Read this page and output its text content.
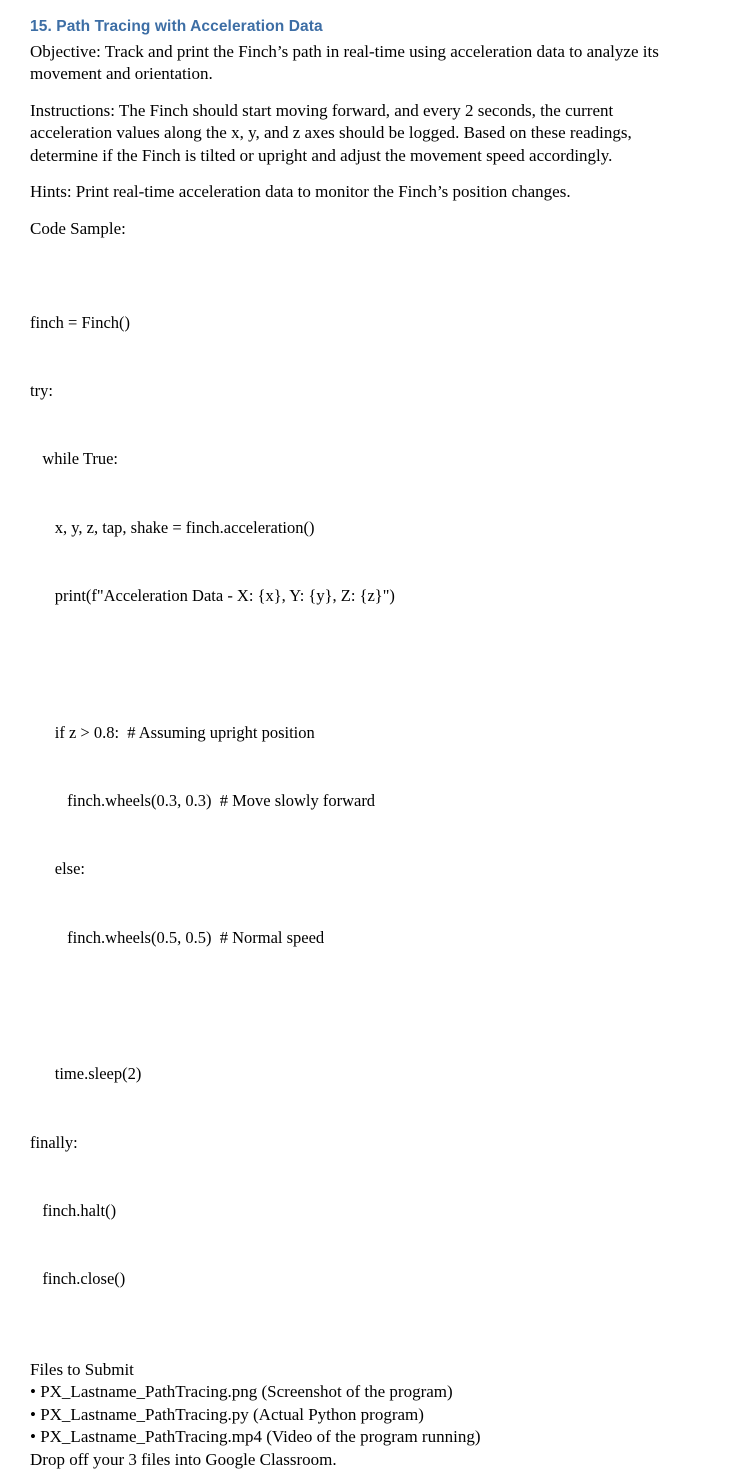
15. Path Tracing with Acceleration Data

Objective: Track and print the Finch’s path in real-time using acceleration data to analyze its movement and orientation.

Instructions: The Finch should start moving forward, and every 2 seconds, the current acceleration values along the x, y, and z axes should be logged. Based on these readings, determine if the Finch is tilted or upright and adjust the movement speed accordingly.

Hints: Print real-time acceleration data to monitor the Finch’s position changes.

Code Sample:

finch = Finch()

try:

while True:

x, y, z, tap, shake = finch.acceleration()

print(f"Acceleration Data - X: {x}, Y: {y}, Z: {z}")

if z > 0.8:  # Assuming upright position

finch.wheels(0.3, 0.3)  # Move slowly forward

else:

finch.wheels(0.5, 0.5)  # Normal speed

time.sleep(2)

finally:

finch.halt()

finch.close()

Files to Submit
• PX_Lastname_PathTracing.png (Screenshot of the program)
• PX_Lastname_PathTracing.py (Actual Python program)
• PX_Lastname_PathTracing.mp4 (Video of the program running)
Drop off your 3 files into Google Classroom.
